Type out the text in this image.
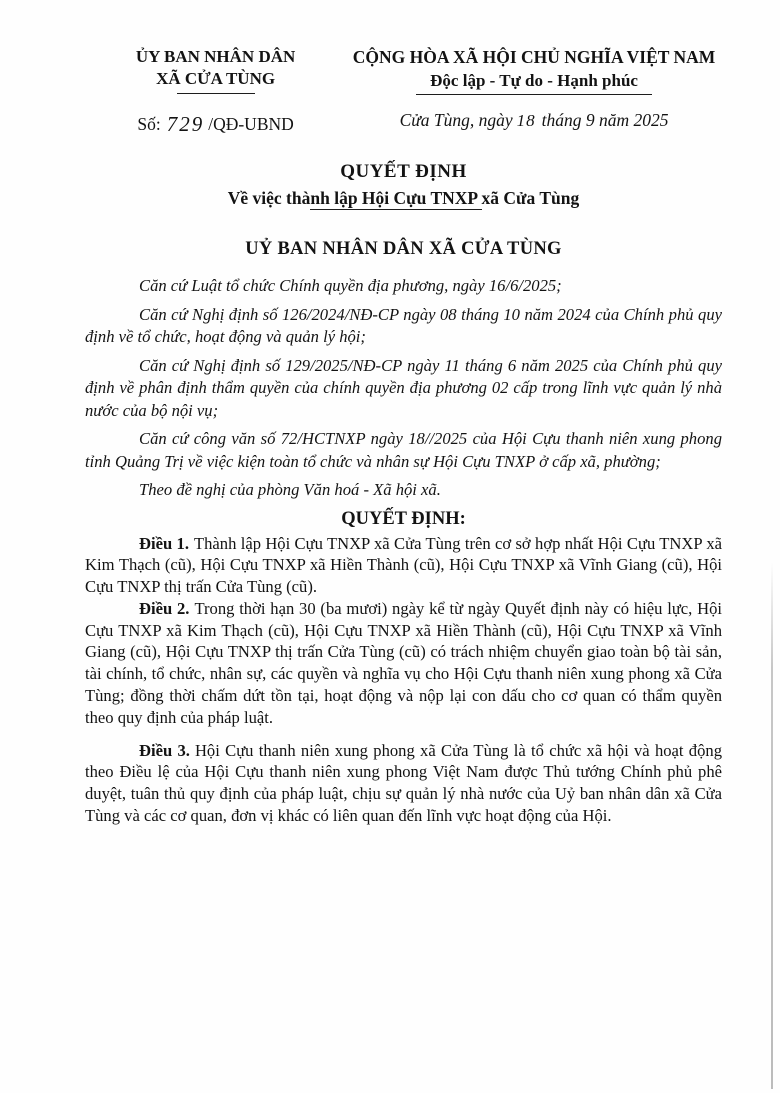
ỦY BAN NHÂN DÂN
XÃ CỬA TÙNG
Số: 729 /QĐ-UBND
CỘNG HÒA XÃ HỘI CHỦ NGHĨA VIỆT NAM
Độc lập - Tự do - Hạnh phúc
Cửa Tùng, ngày 18 tháng 9 năm 2025
QUYẾT ĐỊNH
Về việc thành lập Hội Cựu TNXP xã Cửa Tùng
UỶ BAN NHÂN DÂN XÃ CỬA TÙNG

Căn cứ Luật tổ chức Chính quyền địa phương, ngày 16/6/2025;

Căn cứ Nghị định số 126/2024/NĐ-CP ngày 08 tháng 10 năm 2024 của Chính phủ quy định về tổ chức, hoạt động và quản lý hội;

Căn cứ Nghị định số 129/2025/NĐ-CP ngày 11 tháng 6 năm 2025 của Chính phủ quy định về phân định thẩm quyền của chính quyền địa phương 02 cấp trong lĩnh vực quản lý nhà nước của bộ nội vụ;

Căn cứ công văn số 72/HCTNXP ngày 18//2025 của Hội Cựu thanh niên xung phong tỉnh Quảng Trị về việc kiện toàn tổ chức và nhân sự Hội Cựu TNXP ở cấp xã, phường;

Theo đề nghị của phòng Văn hoá - Xã hội xã.

QUYẾT ĐỊNH:

Điều 1. Thành lập Hội Cựu TNXP xã Cửa Tùng trên cơ sở hợp nhất Hội Cựu TNXP xã Kim Thạch (cũ), Hội Cựu TNXP xã Hiền Thành (cũ), Hội Cựu TNXP xã Vĩnh Giang (cũ), Hội Cựu TNXP thị trấn Cửa Tùng (cũ).

Điều 2. Trong thời hạn 30 (ba mươi) ngày kể từ ngày Quyết định này có hiệu lực, Hội Cựu TNXP xã Kim Thạch (cũ), Hội Cựu TNXP xã Hiền Thành (cũ), Hội Cựu TNXP xã Vĩnh Giang (cũ), Hội Cựu TNXP thị trấn Cửa Tùng (cũ) có trách nhiệm chuyển giao toàn bộ tài sản, tài chính, tổ chức, nhân sự, các quyền và nghĩa vụ cho Hội Cựu thanh niên xung phong xã Cửa Tùng; đồng thời chấm dứt tồn tại, hoạt động và nộp lại con dấu cho cơ quan có thẩm quyền theo quy định của pháp luật.

Điều 3. Hội Cựu thanh niên xung phong xã Cửa Tùng là tổ chức xã hội và hoạt động theo Điều lệ của Hội Cựu thanh niên xung phong Việt Nam được Thủ tướng Chính phủ phê duyệt, tuân thủ quy định của pháp luật, chịu sự quản lý nhà nước của Uỷ ban nhân dân xã Cửa Tùng và các cơ quan, đơn vị khác có liên quan đến lĩnh vực hoạt động của Hội.
